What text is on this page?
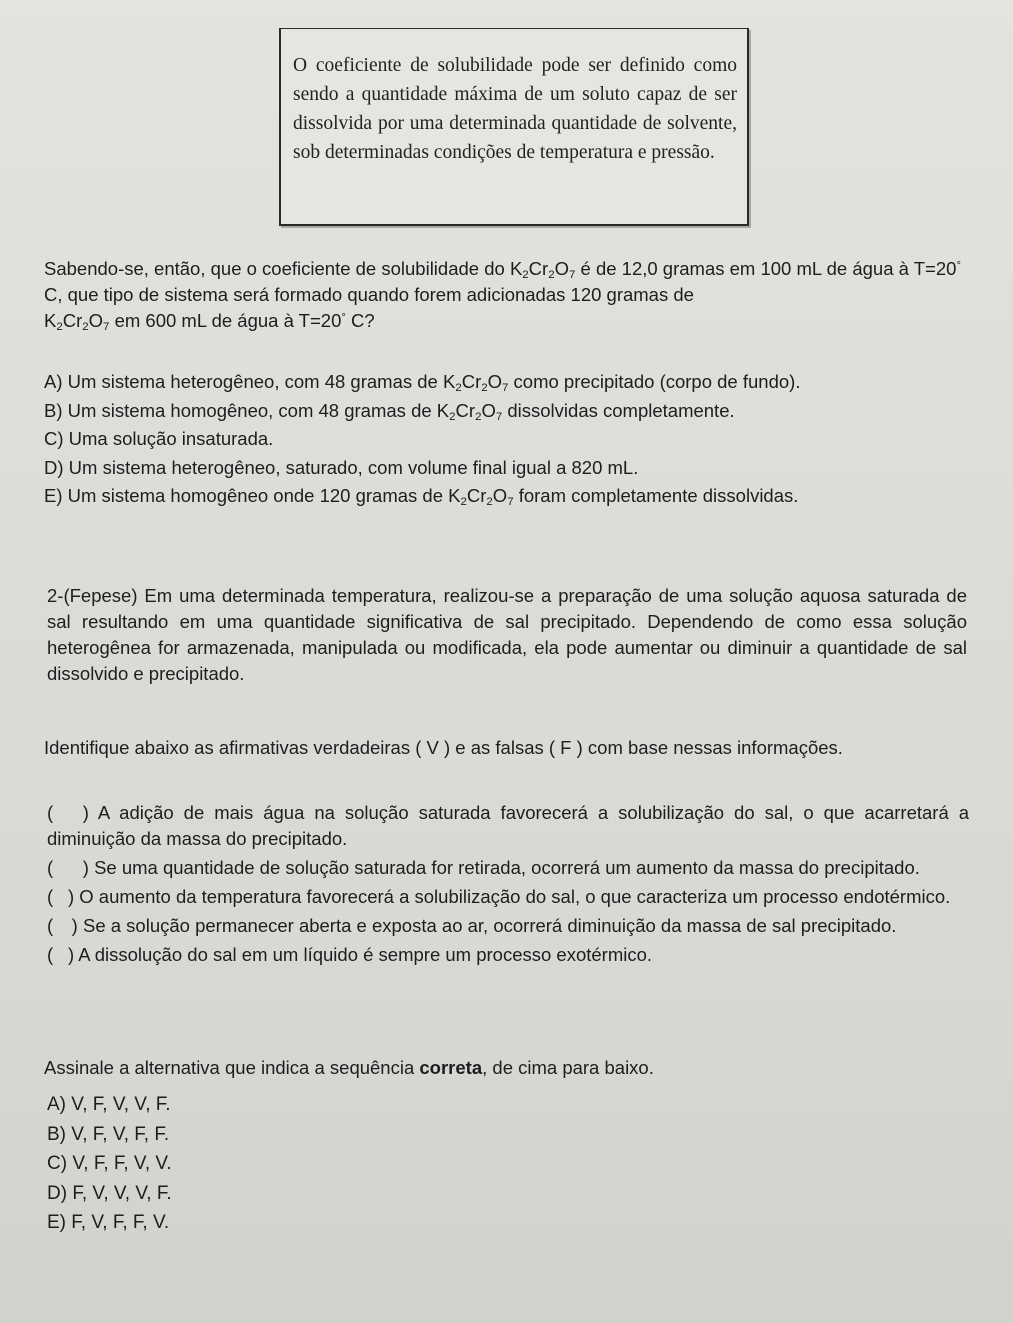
O coeficiente de solubilidade pode ser definido como sendo a quantidade máxima de um soluto capaz de ser dissolvida por uma determinada quantidade de solvente, sob determinadas condições de temperatura e pressão.

Sabendo-se, então, que o coeficiente de solubilidade do $K_2Cr_2O_7$ é de 12,0 gramas em 100 mL de água à T=20° C, que tipo de sistema será formado quando forem adicionadas 120 gramas de
$K_2Cr_2O_7$ em 600 mL de água à T=20° C?

A) Um sistema heterogêneo, com 48 gramas de $K_2Cr_2O_7$ como precipitado (corpo de fundo).

B) Um sistema homogêneo, com 48 gramas de $K_2Cr_2O_7$ dissolvidas completamente.

C) Uma solução insaturada.

D) Um sistema heterogêneo, saturado, com volume final igual a 820 mL.

E) Um sistema homogêneo onde 120 gramas de $K_2Cr_2O_7$ foram completamente dissolvidas.

2-(Fepese) Em uma determinada temperatura, realizou-se a preparação de uma solução aquosa saturada de sal resultando em uma quantidade significativa de sal precipitado. Dependendo de como essa solução heterogênea for armazenada, manipulada ou modificada, ela pode aumentar ou diminuir a quantidade de sal dissolvido e precipitado.

Identifique abaixo as afirmativas verdadeiras ( V ) e as falsas ( F ) com base nessas informações.

( ) A adição de mais água na solução saturada favorecerá a solubilização do sal, o que acarretará a diminuição da massa do precipitado.

( ) Se uma quantidade de solução saturada for retirada, ocorrerá um aumento da massa do precipitado.

( ) O aumento da temperatura favorecerá a solubilização do sal, o que caracteriza um processo endotérmico.

( ) Se a solução permanecer aberta e exposta ao ar, ocorrerá diminuição da massa de sal precipitado.

( ) A dissolução do sal em um líquido é sempre um processo exotérmico.

Assinale a alternativa que indica a sequência correta, de cima para baixo.

A) V, F, V, V, F.

B) V, F, V, F, F.

C) V, F, F, V, V.

D) F, V, V, V, F.

E) F, V, F, F, V.
